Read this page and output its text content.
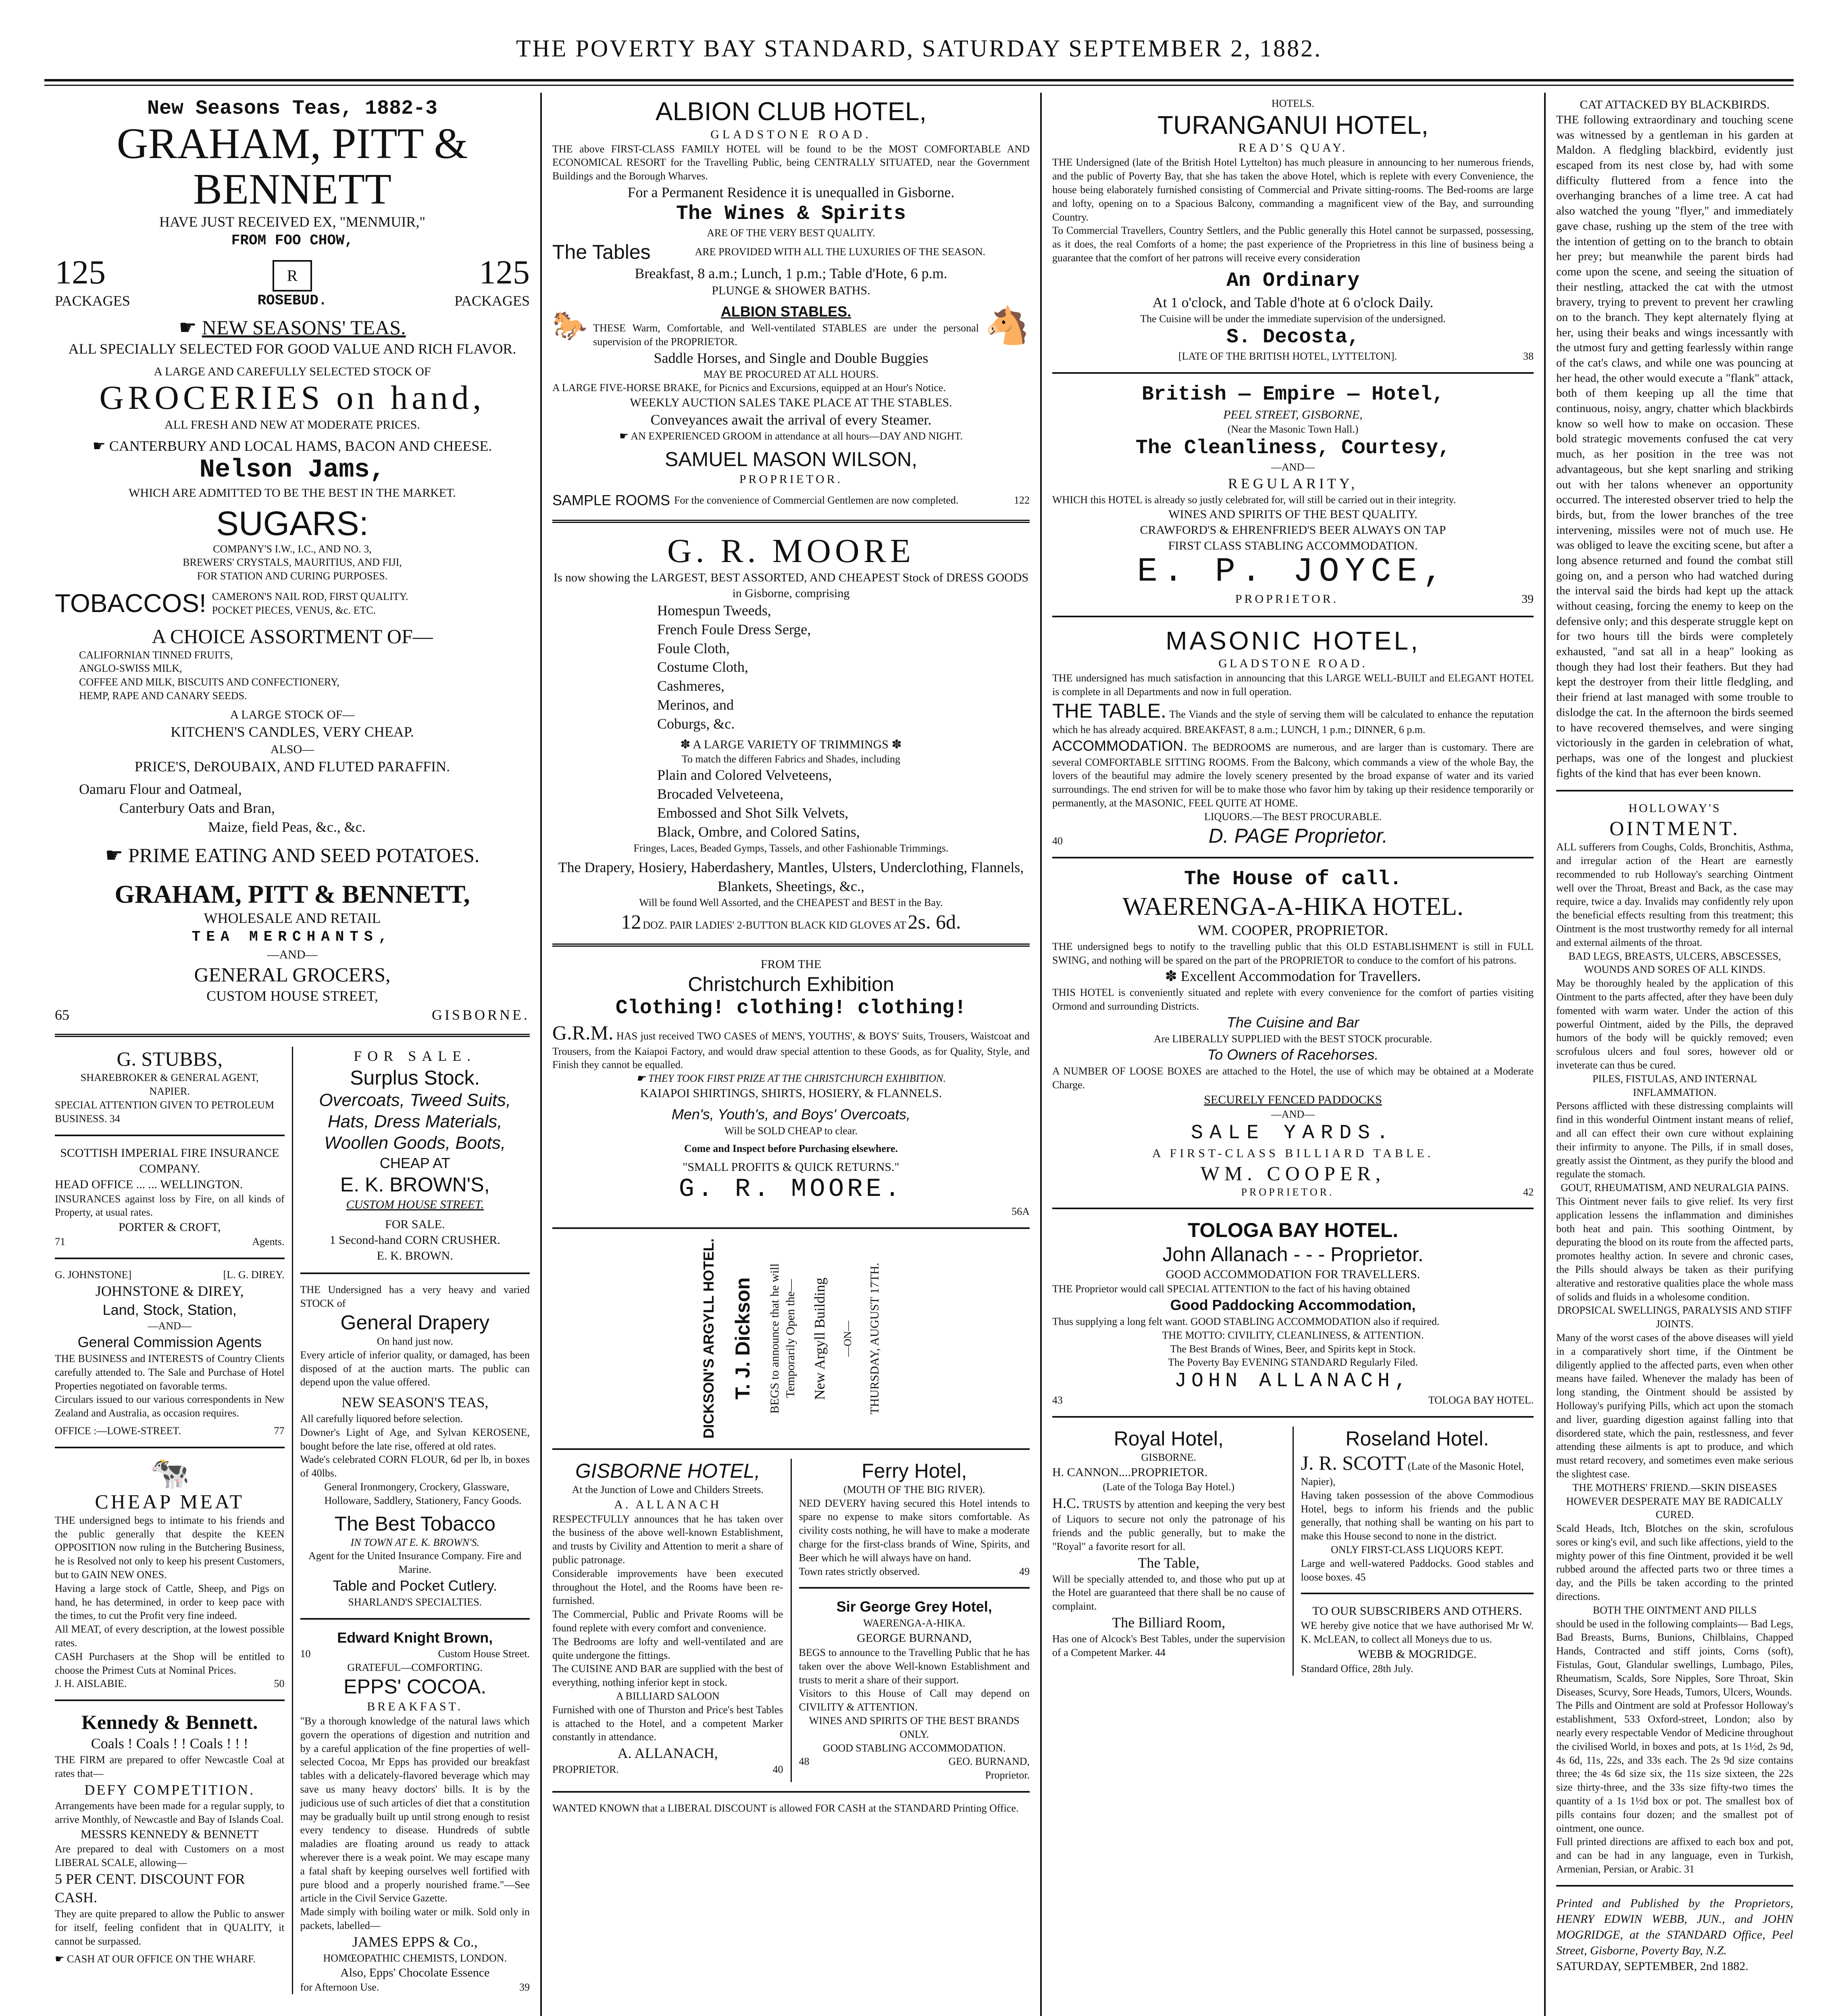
THE POVERTY BAY STANDARD, SATURDAY SEPTEMBER 2, 1882.
New Seasons Teas, 1882-3
GRAHAM, PITT & BENNETT
HAVE JUST RECEIVED EX, "MENMUIR,"
FROM FOO CHOW,
125	R	125
PACKAGES	ROSEBUD.	PACKAGES
☛ NEW SEASONS' TEAS.
ALL SPECIALLY SELECTED FOR GOOD VALUE AND RICH FLAVOR.
A LARGE AND CAREFULLY SELECTED STOCK OF
GROCERIES on hand,
ALL FRESH AND NEW AT MODERATE PRICES.
☛ CANTERBURY AND LOCAL HAMS, BACON AND CHEESE.
Nelson Jams,
WHICH ARE ADMITTED TO BE THE BEST IN THE MARKET.
SUGARS:
COMPANY'S I.W., I.C., AND NO. 3,
BREWERS' CRYSTALS, MAURITIUS, AND FIJI,
FOR STATION AND CURING PURPOSES.
TOBACCOS! CAMERON'S NAIL ROD, FIRST QUALITY.
POCKET PIECES, VENUS, &c. ETC.
A CHOICE ASSORTMENT OF—
CALIFORNIAN TINNED FRUITS,
ANGLO-SWISS MILK,
COFFEE AND MILK, BISCUITS AND CONFECTIONERY,
HEMP, RAPE AND CANARY SEEDS.
A LARGE STOCK OF—
KITCHEN'S CANDLES, VERY CHEAP.
ALSO—
PRICE'S, DeROUBAIX, AND FLUTED PARAFFIN.
Oamaru Flour and Oatmeal,
Canterbury Oats and Bran,
Maize, field Peas, &c., &c.
☛ PRIME EATING AND SEED POTATOES.
GRAHAM, PITT & BENNETT,
WHOLESALE AND RETAIL
TEA MERCHANTS,
—AND—
GENERAL GROCERS,
CUSTOM HOUSE STREET,
65	GISBORNE.
G. STUBBS,
SHAREBROKER & GENERAL AGENT,
NAPIER.
SPECIAL ATTENTION GIVEN TO PETROLEUM BUSINESS. 34
SCOTTISH IMPERIAL FIRE INSURANCE COMPANY.
HEAD OFFICE ... ... WELLINGTON.
INSURANCES against loss by Fire, on all kinds of Property, at usual rates.
PORTER & CROFT,
71	Agents.
G. JOHNSTONE]	[L. G. DIREY.
JOHNSTONE & DIREY,
Land, Stock, Station,
—AND—
General Commission Agents
THE BUSINESS and INTERESTS of Country Clients carefully attended to. The Sale and Purchase of Hotel Properties negotiated on favorable terms.
Circulars issued to our various correspondents in New Zealand and Australia, as occasion requires.
OFFICE :—LOWE-STREET.	77
🐄
CHEAP MEAT
THE undersigned begs to intimate to his friends and the public generally that despite the KEEN OPPOSITION now ruling in the Butchering Business, he is Resolved not only to keep his present Customers, but to GAIN NEW ONES.
Having a large stock of Cattle, Sheep, and Pigs on hand, he has determined, in order to keep pace with the times, to cut the Profit very fine indeed.
All MEAT, of every description, at the lowest possible rates.
CASH Purchasers at the Shop will be entitled to choose the Primest Cuts at Nominal Prices.
J. H. AISLABIE.	50
Kennedy & Bennett.
Coals ! Coals ! ! Coals ! ! !
THE FIRM are prepared to offer Newcastle Coal at rates that—
DEFY COMPETITION.
Arrangements have been made for a regular supply, to arrive Monthly, of Newcastle and Bay of Islands Coal.
MESSRS KENNEDY & BENNETT
Are prepared to deal with Customers on a most LIBERAL SCALE, allowing—
5 PER CENT. DISCOUNT FOR CASH.
They are quite prepared to allow the Public to answer for itself, feeling confident that in QUALITY, it cannot be surpassed.
☛ CASH AT OUR OFFICE ON THE WHARF.
FOR SALE.
Surplus Stock.
Overcoats, Tweed Suits, Hats, Dress Materials, Woollen Goods, Boots,
CHEAP AT
E. K. BROWN'S,
CUSTOM HOUSE STREET.
FOR SALE.
1 Second-hand CORN CRUSHER.
E. K. BROWN.
THE Undersigned has a very heavy and varied STOCK of
General Drapery
On hand just now.
Every article of inferior quality, or damaged, has been disposed of at the auction marts. The public can depend upon the value offered.
NEW SEASON'S TEAS,
All carefully liquored before selection.
Downer's Light of Age, and Sylvan KEROSENE, bought before the late rise, offered at old rates.
Wade's celebrated CORN FLOUR, 6d per lb, in boxes of 40lbs.
General Ironmongery, Crockery, Glassware, Holloware, Saddlery, Stationery, Fancy Goods.
The Best Tobacco
IN TOWN AT E. K. BROWN'S.
Agent for the United Insurance Company. Fire and Marine.
Table and Pocket Cutlery.
SHARLAND'S SPECIALTIES.
Edward Knight Brown,
10	Custom House Street.
GRATEFUL—COMFORTING.
EPPS' COCOA.
BREAKFAST.
"By a thorough knowledge of the natural laws which govern the operations of digestion and nutrition and by a careful application of the fine properties of well-selected Cocoa, Mr Epps has provided our breakfast tables with a delicately-flavored beverage which may save us many heavy doctors' bills. It is by the judicious use of such articles of diet that a constitution may be gradually built up until strong enough to resist every tendency to disease. Hundreds of subtle maladies are floating around us ready to attack wherever there is a weak point. We may escape many a fatal shaft by keeping ourselves well fortified with pure blood and a properly nourished frame."—See article in the Civil Service Gazette.
Made simply with boiling water or milk. Sold only in packets, labelled—
JAMES EPPS & Co.,
HOMŒOPATHIC CHEMISTS, LONDON.
Also, Epps' Chocolate Essence
for Afternoon Use.	39
ALBION CLUB HOTEL,
GLADSTONE ROAD.
THE above FIRST-CLASS FAMILY HOTEL will be found to be the MOST COMFORTABLE AND ECONOMICAL RESORT for the Travelling Public, being CENTRALLY SITUATED, near the Government Buildings and the Borough Wharves.
For a Permanent Residence it is unequalled in Gisborne.
The Wines & Spirits
ARE OF THE VERY BEST QUALITY.
The Tables	ARE PROVIDED WITH ALL THE LUXURIES OF THE SEASON.
Breakfast, 8 a.m.; Lunch, 1 p.m.; Table d'Hote, 6 p.m.
PLUNGE & SHOWER BATHS.
🐎	ALBION STABLES.
THESE Warm, Comfortable, and Well-ventilated STABLES are under the personal supervision of the PROPRIETOR.	🐴
Saddle Horses, and Single and Double Buggies
MAY BE PROCURED AT ALL HOURS.
A LARGE FIVE-HORSE BRAKE, for Picnics and Excursions, equipped at an Hour's Notice.
WEEKLY AUCTION SALES TAKE PLACE AT THE STABLES.
Conveyances await the arrival of every Steamer.
☛ AN EXPERIENCED GROOM in attendance at all hours—DAY AND NIGHT.
SAMUEL MASON WILSON,
PROPRIETOR.
SAMPLE ROOMS For the convenience of Commercial Gentlemen are now completed.	122
G. R. MOORE
Is now showing the LARGEST, BEST ASSORTED, AND CHEAPEST Stock of DRESS GOODS in Gisborne, comprising
Homespun Tweeds,
French Foule Dress Serge,
Foule Cloth,
Costume Cloth,
Cashmeres,
Merinos, and
Coburgs, &c.
✽ A LARGE VARIETY OF TRIMMINGS ✽
To match the differen Fabrics and Shades, including
Plain and Colored Velveteens,
Brocaded Velveteena,
Embossed and Shot Silk Velvets,
Black, Ombre, and Colored Satins,
Fringes, Laces, Beaded Gymps, Tassels, and other Fashionable Trimmings.
The Drapery, Hosiery, Haberdashery, Mantles, Ulsters, Underclothing, Flannels, Blankets, Sheetings, &c.,
Will be found Well Assorted, and the CHEAPEST and BEST in the Bay.
12 DOZ. PAIR LADIES' 2-BUTTON BLACK KID GLOVES AT 2s. 6d.
FROM THE
Christchurch Exhibition
Clothing! clothing! clothing!
G.R.M. HAS just received TWO CASES of MEN'S, YOUTHS', & BOYS' Suits, Trousers, Waistcoat and Trousers, from the Kaiapoi Factory, and would draw special attention to these Goods, as for Quality, Style, and Finish they cannot be equalled.
☛ THEY TOOK FIRST PRIZE AT THE CHRISTCHURCH EXHIBITION.
KAIAPOI SHIRTINGS, SHIRTS, HOSIERY, & FLANNELS.
Men's, Youth's, and Boys' Overcoats,
Will be SOLD CHEAP to clear.
Come and Inspect before Purchasing elsewhere.
"SMALL PROFITS & QUICK RETURNS."
G. R. MOORE.
56A
DICKSON'S ARGYLL HOTEL. T. J. Dickson BEGS to announce that he will Temporarily Open the— New Argyll Building —ON— THURSDAY, AUGUST 17TH.
GISBORNE HOTEL,
At the Junction of Lowe and Childers Streets.
A. ALLANACH
RESPECTFULLY announces that he has taken over the business of the above well-known Establishment, and trusts by Civility and Attention to merit a share of public patronage.
Considerable improvements have been executed throughout the Hotel, and the Rooms have been re-furnished.
The Commercial, Public and Private Rooms will be found replete with every comfort and convenience.
The Bedrooms are lofty and well-ventilated and are quite undergone the fittings.
The CUISINE AND BAR are supplied with the best of everything, nothing inferior kept in stock.
A BILLIARD SALOON
Furnished with one of Thurston and Price's best Tables is attached to the Hotel, and a competent Marker constantly in attendance.
A. ALLANACH,
PROPRIETOR.	40
Ferry Hotel,
(MOUTH OF THE BIG RIVER).
NED DEVERY having secured this Hotel intends to spare no expense to make sitors comfortable. As civility costs nothing, he will have to make a moderate charge for the first-class brands of Wine, Spirits, and Beer which he will always have on hand.
Town rates strictly observed.	49
Sir George Grey Hotel,
WAERENGA-A-HIKA.
GEORGE BURNAND,
BEGS to announce to the Travelling Public that he has taken over the above Well-known Establishment and trusts to merit a share of their support.
Visitors to this House of Call may depend on CIVILITY & ATTENTION.
WINES AND SPIRITS OF THE BEST BRANDS ONLY.
GOOD STABLING ACCOMMODATION.
48	GEO. BURNAND,
Proprietor.
WANTED KNOWN that a LIBERAL DISCOUNT is allowed FOR CASH at the STANDARD Printing Office.
HOTELS.
TURANGANUI HOTEL,
READ'S QUAY.
THE Undersigned (late of the British Hotel Lyttelton) has much pleasure in announcing to her numerous friends, and the public of Poverty Bay, that she has taken the above Hotel, which is replete with every Convenience, the house being elaborately furnished consisting of Commercial and Private sitting-rooms. The Bed-rooms are large and lofty, opening on to a Spacious Balcony, commanding a magnificent view of the Bay, and surrounding Country.
To Commercial Travellers, Country Settlers, and the Public generally this Hotel cannot be surpassed, possessing, as it does, the real Comforts of a home; the past experience of the Proprietress in this line of business being a guarantee that the comfort of her patrons will receive every consideration
An Ordinary
At 1 o'clock, and Table d'hote at 6 o'clock Daily.
The Cuisine will be under the immediate supervision of the undersigned.
S. Decosta,
[LATE OF THE BRITISH HOTEL, LYTTELTON].	38
British — Empire — Hotel,
PEEL STREET, GISBORNE,
(Near the Masonic Town Hall.)
The Cleanliness, Courtesy,
—AND—
REGULARITY,
WHICH this HOTEL is already so justly celebrated for, will still be carried out in their integrity.
WINES AND SPIRITS OF THE BEST QUALITY.
CRAWFORD'S & EHRENFRIED'S BEER ALWAYS ON TAP
FIRST CLASS STABLING ACCOMMODATION.
E. P. JOYCE,
PROPRIETOR.	39
MASONIC HOTEL,
GLADSTONE ROAD.
THE undersigned has much satisfaction in announcing that this LARGE WELL-BUILT and ELEGANT HOTEL is complete in all Departments and now in full operation.
THE TABLE. The Viands and the style of serving them will be calculated to enhance the reputation which he has already acquired. BREAKFAST, 8 a.m.; LUNCH, 1 p.m.; DINNER, 6 p.m.
ACCOMMODATION. The BEDROOMS are numerous, and are larger than is customary. There are several COMFORTABLE SITTING ROOMS. From the Balcony, which commands a view of the whole Bay, the lovers of the beautiful may admire the lovely scenery presented by the broad expanse of water and its varied surroundings. The end striven for will be to make those who favor him by taking up their residence temporarily or permanently, at the MASONIC, FEEL QUITE AT HOME.
LIQUORS.—The BEST PROCURABLE.
40	D. PAGE Proprietor.
The House of call.
WAERENGA-A-HIKA HOTEL.
WM. COOPER, PROPRIETOR.
THE undersigned begs to notify to the travelling public that this OLD ESTABLISHMENT is still in FULL SWING, and nothing will be spared on the part of the PROPRIETOR to conduce to the comfort of his patrons.
✽ Excellent Accommodation for Travellers.
THIS HOTEL is conveniently situated and replete with every convenience for the comfort of parties visiting Ormond and surrounding Districts.
The Cuisine and Bar
Are LIBERALLY SUPPLIED with the BEST STOCK procurable.
To Owners of Racehorses.
A NUMBER OF LOOSE BOXES are attached to the Hotel, the use of which may be obtained at a Moderate Charge.
SECURELY FENCED PADDOCKS
—AND—
SALE YARDS.
A FIRST-CLASS BILLIARD TABLE.
WM. COOPER,
PROPRIETOR.	42
TOLOGA BAY HOTEL.
John Allanach - - - Proprietor.
GOOD ACCOMMODATION FOR TRAVELLERS.
THE Proprietor would call SPECIAL ATTENTION to the fact of his having obtained
Good Paddocking Accommodation,
Thus supplying a long felt want. GOOD STABLING ACCOMMODATION also if required.
THE MOTTO: CIVILITY, CLEANLINESS, & ATTENTION.
The Best Brands of Wines, Beer, and Spirits kept in Stock.
The Poverty Bay EVENING STANDARD Regularly Filed.
JOHN ALLANACH,
43	TOLOGA BAY HOTEL.
Royal Hotel,
GISBORNE.
H. CANNON....PROPRIETOR.
(Late of the Tologa Bay Hotel.)
H.C. TRUSTS by attention and keeping the very best of Liquors to secure not only the patronage of his friends and the public generally, but to make the "Royal" a favorite resort for all.
The Table,
Will be specially attended to, and those who put up at the Hotel are guaranteed that there shall be no cause of complaint.
The Billiard Room,
Has one of Alcock's Best Tables, under the supervision of a Competent Marker. 44
Roseland Hotel.
J. R. SCOTT (Late of the Masonic Hotel, Napier),
Having taken possession of the above Commodious Hotel, begs to inform his friends and the public generally, that nothing shall be wanting on his part to make this House second to none in the district.
ONLY FIRST-CLASS LIQUORS KEPT.
Large and well-watered Paddocks. Good stables and loose boxes. 45
TO OUR SUBSCRIBERS AND OTHERS.
WE hereby give notice that we have authorised Mr W. K. McLEAN, to collect all Moneys due to us.
WEBB & MOGRIDGE.
Standard Office, 28th July.
CAT ATTACKED BY BLACKBIRDS.
THE following extraordinary and touching scene was witnessed by a gentleman in his garden at Maldon. A fledgling blackbird, evidently just escaped from its nest close by, had with some difficulty fluttered from a fence into the overhanging branches of a lime tree. A cat had also watched the young "flyer," and immediately gave chase, rushing up the stem of the tree with the intention of getting on to the branch to obtain her prey; but meanwhile the parent birds had come upon the scene, and seeing the situation of their nestling, attacked the cat with the utmost bravery, trying to prevent to prevent her crawling on to the branch. They kept alternately flying at her, using their beaks and wings incessantly with the utmost fury and getting fearlessly within range of the cat's claws, and while one was pouncing at her head, the other would execute a "flank" attack, both of them keeping up all the time that continuous, noisy, angry, chatter which blackbirds know so well how to make on occasion. These bold strategic movements confused the cat very much, as her position in the tree was not advantageous, but she kept snarling and striking out with her talons whenever an opportunity occurred. The interested observer tried to help the birds, but, from the lower branches of the tree intervening, missiles were not of much use. He was obliged to leave the exciting scene, but after a long absence returned and found the combat still going on, and a person who had watched during the interval said the birds had kept up the attack without ceasing, forcing the enemy to keep on the defensive only; and this desperate struggle kept on for two hours till the birds were completely exhausted, "and sat all in a heap" looking as though they had lost their feathers. But they had kept the destroyer from their little fledgling, and their friend at last managed with some trouble to dislodge the cat. In the afternoon the birds seemed to have recovered themselves, and were singing victoriously in the garden in celebration of what, perhaps, was one of the longest and pluckiest fights of the kind that has ever been known.
HOLLOWAY'S
OINTMENT.
ALL sufferers from Coughs, Colds, Bronchitis, Asthma, and irregular action of the Heart are earnestly recommended to rub Holloway's searching Ointment well over the Throat, Breast and Back, as the case may require, twice a day. Invalids may confidently rely upon the beneficial effects resulting from this treatment; this Ointment is the most trustworthy remedy for all internal and external ailments of the throat.
BAD LEGS, BREASTS, ULCERS, ABSCESSES, WOUNDS AND SORES OF ALL KINDS.
May be thoroughly healed by the application of this Ointment to the parts affected, after they have been duly fomented with warm water. Under the action of this powerful Ointment, aided by the Pills, the depraved humors of the body will be quickly removed; even scrofulous ulcers and foul sores, however old or inveterate can thus be cured.
PILES, FISTULAS, AND INTERNAL INFLAMMATION.
Persons afflicted with these distressing complaints will find in this wonderful Ointment instant means of relief, and all can effect their own cure without explaining their infirmity to anyone. The Pills, if in small doses, greatly assist the Ointment, as they purify the blood and regulate the stomach.
GOUT, RHEUMATISM, AND NEURALGIA PAINS.
This Ointment never fails to give relief. Its very first application lessens the inflammation and diminishes both heat and pain. This soothing Ointment, by depurating the blood on its route from the affected parts, promotes healthy action. In severe and chronic cases, the Pills should always be taken as their purifying alterative and restorative qualities place the whole mass of solids and fluids in a wholesome condition.
DROPSICAL SWELLINGS, PARALYSIS AND STIFF JOINTS.
Many of the worst cases of the above diseases will yield in a comparatively short time, if the Ointment be diligently applied to the affected parts, even when other means have failed. Whenever the malady has been of long standing, the Ointment should be assisted by Holloway's purifying Pills, which act upon the stomach and liver, guarding digestion against falling into that disordered state, which the pain, restlessness, and fever attending these ailments is apt to produce, and which must retard recovery, and sometimes even make serious the slightest case.
THE MOTHERS' FRIEND.—SKIN DISEASES HOWEVER DESPERATE MAY BE RADICALLY CURED.
Scald Heads, Itch, Blotches on the skin, scrofulous sores or king's evil, and such like affections, yield to the mighty power of this fine Ointment, provided it be well rubbed around the affected parts two or three times a day, and the Pills be taken according to the printed directions.
BOTH THE OINTMENT AND PILLS
should be used in the following complaints— Bad Legs, Bad Breasts, Burns, Bunions, Chilblains, Chapped Hands, Contracted and stiff joints, Corns (soft), Fistulas, Gout, Glandular swellings, Lumbago, Piles, Rheumatism, Scalds, Sore Nipples, Sore Throat, Skin Diseases, Scurvy, Sore Heads, Tumors, Ulcers, Wounds.
The Pills and Ointment are sold at Professor Holloway's establishment, 533 Oxford-street, London; also by nearly every respectable Vendor of Medicine throughout the civilised World, in boxes and pots, at 1s 1½d, 2s 9d, 4s 6d, 11s, 22s, and 33s each. The 2s 9d size contains three; the 4s 6d size six, the 11s size sixteen, the 22s size thirty-three, and the 33s size fifty-two times the quantity of a 1s 1½d box or pot. The smallest box of pills contains four dozen; and the smallest pot of ointment, one ounce.
Full printed directions are affixed to each box and pot, and can be had in any language, even in Turkish, Armenian, Persian, or Arabic. 31
Printed and Published by the Proprietors, HENRY EDWIN WEBB, JUN., and JOHN MOGRIDGE, at the STANDARD Office, Peel Street, Gisborne, Poverty Bay, N.Z.
SATURDAY, SEPTEMBER, 2nd 1882.
